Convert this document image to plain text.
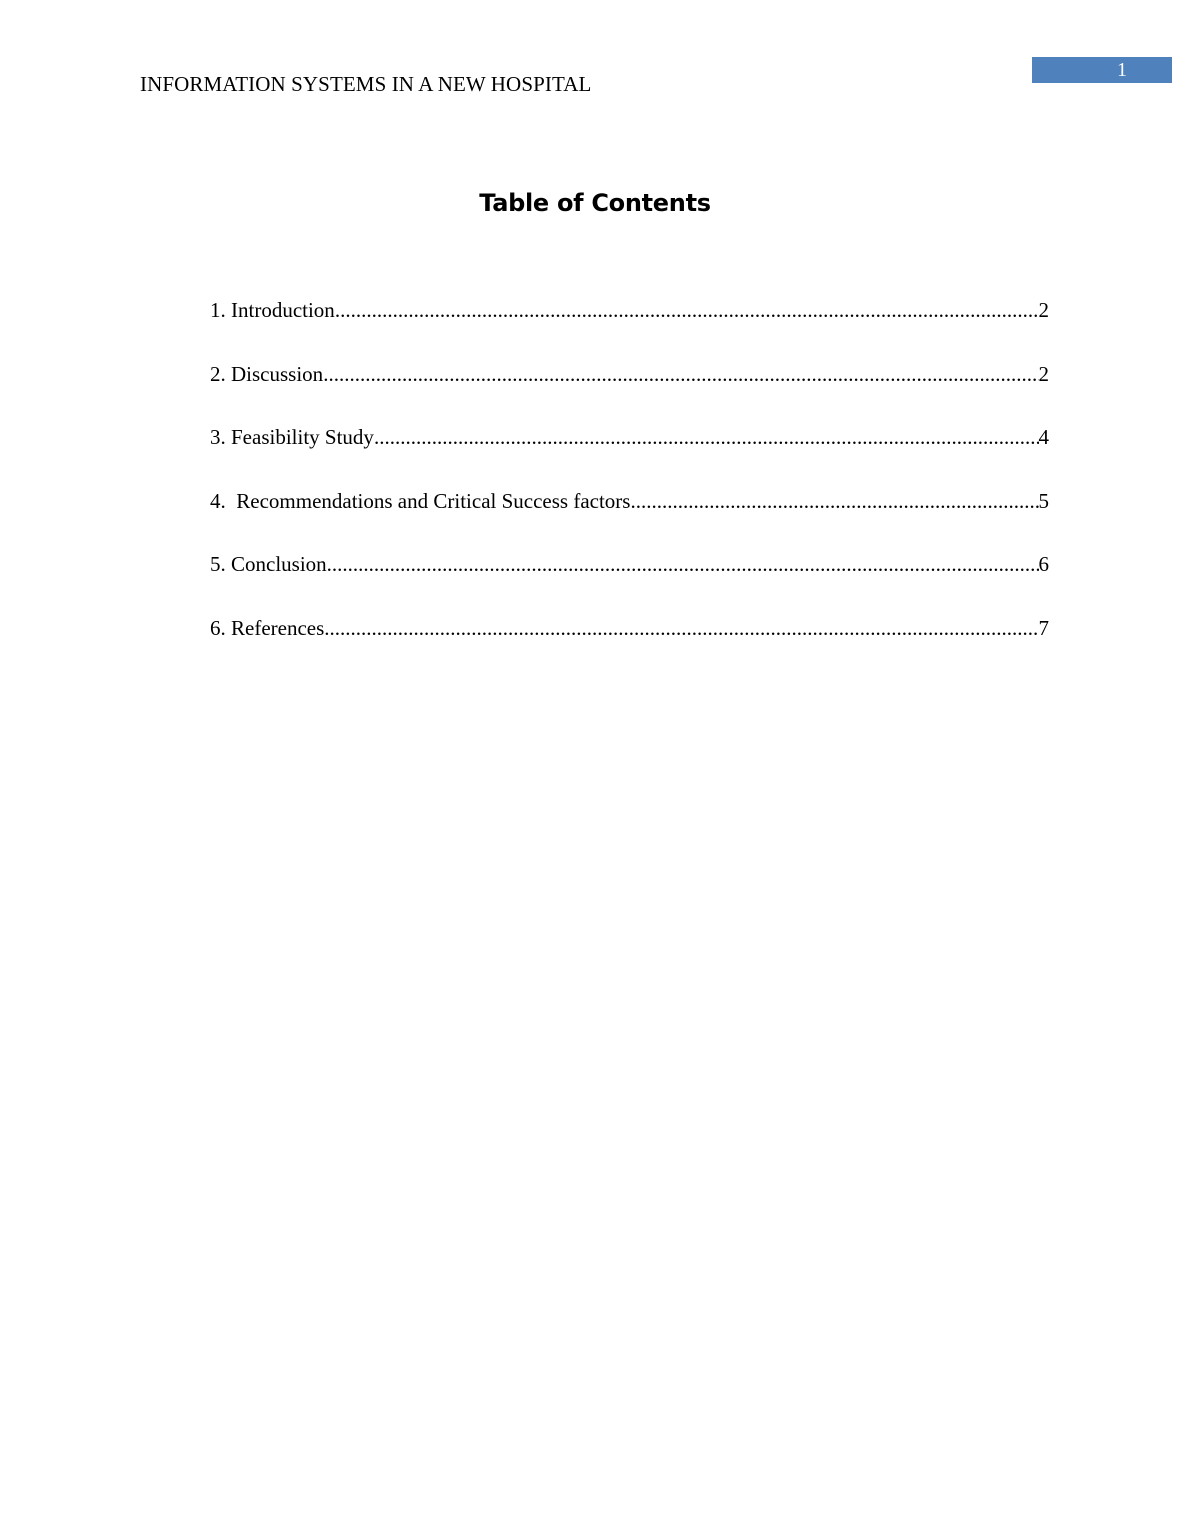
INFORMATION SYSTEMS IN A NEW HOSPITAL
1
Table of Contents
1. Introduction .....	2
2. Discussion .....	2
3. Feasibility Study .....	4
4.  Recommendations and Critical Success factors .....	5
5. Conclusion .....	6
6. References .....	7
